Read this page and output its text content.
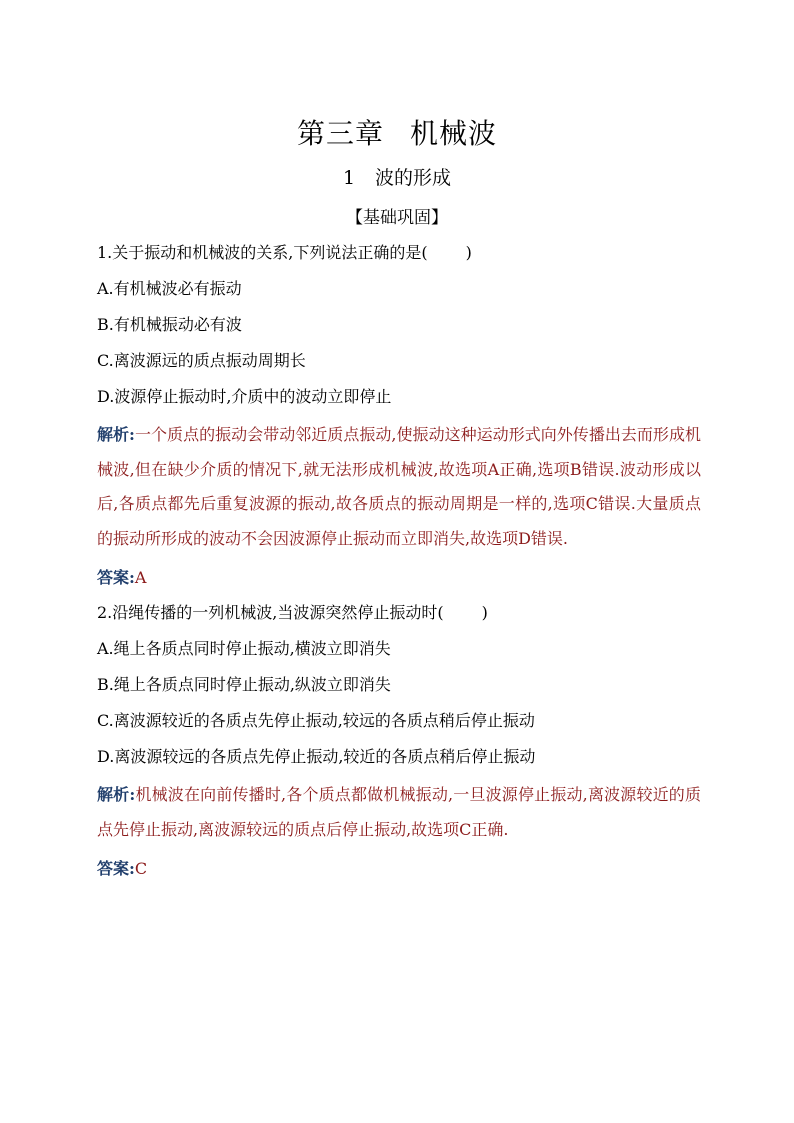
第三章 机械波
1 波的形成
【基础巩固】
1.关于振动和机械波的关系,下列说法正确的是( )
A.有机械波必有振动
B.有机械振动必有波
C.离波源远的质点振动周期长
D.波源停止振动时,介质中的波动立即停止
解析:一个质点的振动会带动邻近质点振动,使振动这种运动形式向外传播出去而形成机械波,但在缺少介质的情况下,就无法形成机械波,故选项A正确,选项B错误.波动形成以后,各质点都先后重复波源的振动,故各质点的振动周期是一样的,选项C错误.大量质点的振动所形成的波动不会因波源停止振动而立即消失,故选项D错误.
答案:A
2.沿绳传播的一列机械波,当波源突然停止振动时( )
A.绳上各质点同时停止振动,横波立即消失
B.绳上各质点同时停止振动,纵波立即消失
C.离波源较近的各质点先停止振动,较远的各质点稍后停止振动
D.离波源较远的各质点先停止振动,较近的各质点稍后停止振动
解析:机械波在向前传播时,各个质点都做机械振动,一旦波源停止振动,离波源较近的质点先停止振动,离波源较远的质点后停止振动,故选项C正确.
答案:C
